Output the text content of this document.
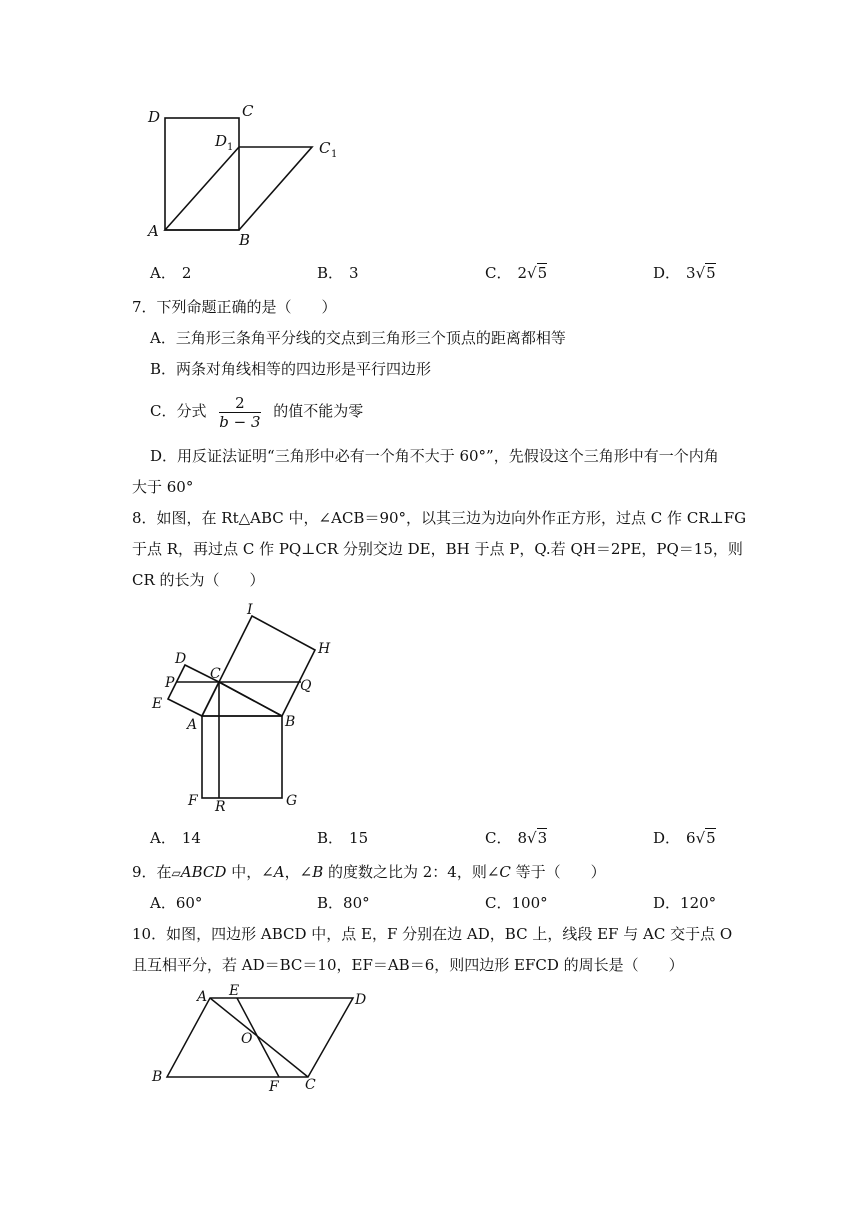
D	C
D 1	C 1
A	B
A． 2	B． 3	C． 2√5	D． 3√5
7．下列命题正确的是（　　）
A．三角形三条角平分线的交点到三角形三个顶点的距离都相等
B．两条对角线相等的四边形是平行四边形
C．分式 $\frac{2}{b - 3}$ 的值不能为零
D．用反证法证明“三角形中必有一个角不大于 60°”，先假设这个三角形中有一个内角
大于 60°
8．如图，在 Rt△ABC 中，∠ACB＝90°，以其三边为边向外作正方形，过点 C 作 CR⊥FG
于点 R，再过点 C 作 PQ⊥CR 分别交边 DE，BH 于点 P，Q.若 QH＝2PE，PQ＝15，则
CR 的长为（　　）
I
H
D
C
P	Q
E
A	B
F R	G
A． 14	B． 15	C． 8√3	D． 6√5
9．在▱ABCD 中，∠A，∠B 的度数之比为 2：4，则∠C 等于（　　）
A．60°	B．80°	C．100°	D．120°
10．如图，四边形 ABCD 中，点 E，F 分别在边 AD，BC 上，线段 EF 与 AC 交于点 O
且互相平分，若 AD＝BC＝10，EF＝AB＝6，则四边形 EFCD 的周长是（　　）
A E
D
O
B
F C
